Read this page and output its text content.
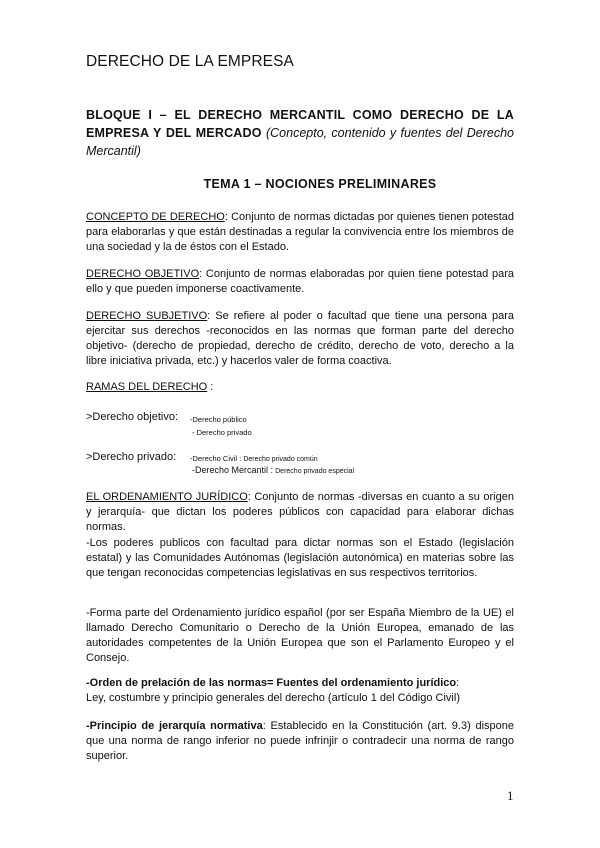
DERECHO DE LA EMPRESA
BLOQUE I – EL DERECHO MERCANTIL COMO DERECHO DE LA EMPRESA Y DEL MERCADO (Concepto, contenido y fuentes del Derecho Mercantil)
TEMA 1 – NOCIONES PRELIMINARES
CONCEPTO DE DERECHO: Conjunto de normas dictadas por quienes tienen potestad para elaborarlas y que están destinadas a regular la convivencia entre los miembros de una sociedad y la de éstos con el Estado.
DERECHO OBJETIVO: Conjunto de normas elaboradas por quien tiene potestad para ello y que pueden imponerse coactivamente.
DERECHO SUBJETIVO: Se refiere al poder o facultad que tiene una persona para ejercitar sus derechos -reconocidos en las normas que forman parte del derecho objetivo- (derecho de propiedad, derecho de crédito, derecho de voto, derecho a la libre iniciativa privada, etc.) y hacerlos valer de forma coactiva.
RAMAS DEL DERECHO :
>Derecho objetivo: -Derecho público
- Derecho privado
>Derecho privado: -Derecho Civil : Derecho privado común
-Derecho Mercantil : Derecho privado especial
EL ORDENAMIENTO JURÍDICO: Conjunto de normas -diversas en cuanto a su origen y jerarquía- que dictan los poderes públicos con capacidad para elaborar dichas normas.
-Los poderes publicos con facultad para dictar normas son el Estado (legislación estatal) y las Comunidades Autónomas (legislación autonómica) en materias sobre las que tengan reconocidas competencias legislativas en sus respectivos territorios.
-Forma parte del Ordenamiento jurídico español (por ser España Miembro de la UE) el llamado Derecho Comunitario o Derecho de la Unión Europea, emanado de las autoridades competentes de la Unión Europea que son el Parlamento Europeo y el Consejo.
-Orden de prelación de las normas= Fuentes del ordenamiento jurídico:
Ley, costumbre y principio generales del derecho (artículo 1 del Código Civil)
-Principio de jerarquía normativa: Establecido en la Constitución (art. 9.3) dispone que una norma de rango inferior no puede infrinjir o contradecir una norma de rango superior.
1
